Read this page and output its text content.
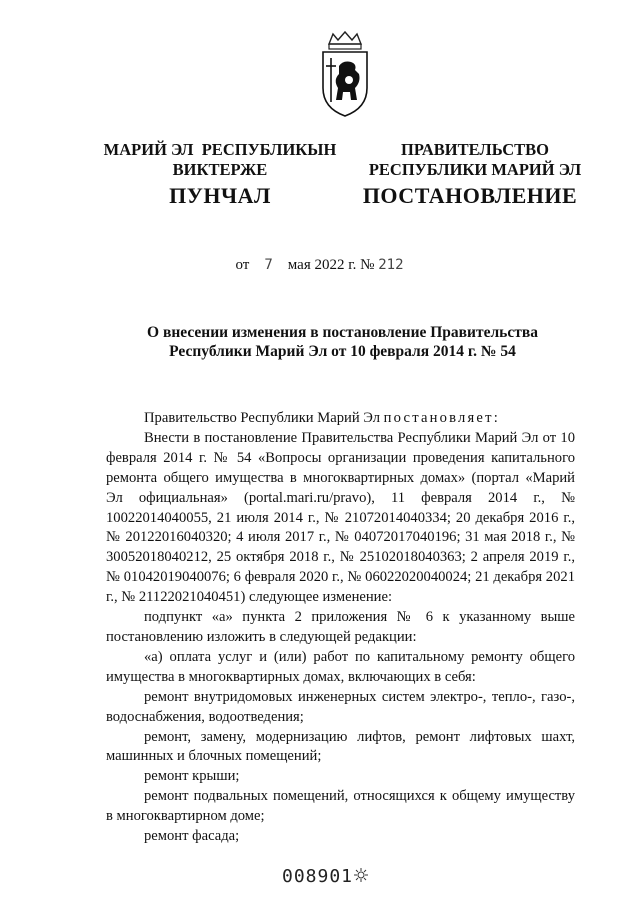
МАРИЙ ЭЛ  РЕСПУБЛИКЫН
ВИКТЕРЖЕ
ПРАВИТЕЛЬСТВО
РЕСПУБЛИКИ МАРИЙ ЭЛ
ПУНЧАЛ	ПОСТАНОВЛЕНИЕ
от 7 мая 2022 г. № 212
О внесении изменения в постановление Правительства
Республики Марий Эл от 10 февраля 2014 г. № 54

Правительство Республики Марий Эл постановляет:

Внести в постановление Правительства Республики Марий Эл от 10 февраля 2014 г. № 54 «Вопросы организации проведения капитального ремонта общего имущества в многоквартирных домах» (портал «Марий Эл официальная» (portal.mari.ru/pravo), 11 февраля 2014 г., № 10022014040055, 21 июля 2014 г., № 21072014040334; 20 декабря 2016 г., № 20122016040320; 4 июля 2017 г., № 04072017040196; 31 мая 2018 г., № 30052018040212, 25 октября 2018 г., № 25102018040363; 2 апреля 2019 г., № 01042019040076; 6 февраля 2020 г., № 06022020040024; 21 декабря 2021 г., № 21122021040451) следующее изменение:

подпункт «а» пункта 2 приложения № 6 к указанному выше постановлению изложить в следующей редакции:

«а) оплата услуг и (или) работ по капитальному ремонту общего имущества в многоквартирных домах, включающих в себя:

ремонт внутридомовых инженерных систем электро-, тепло-, газо-, водоснабжения, водоотведения;

ремонт, замену, модернизацию лифтов, ремонт лифтовых шахт, машинных и блочных помещений;

ремонт крыши;

ремонт подвальных помещений, относящихся к общему имуществу в многоквартирном доме;

ремонт фасада;

008901
